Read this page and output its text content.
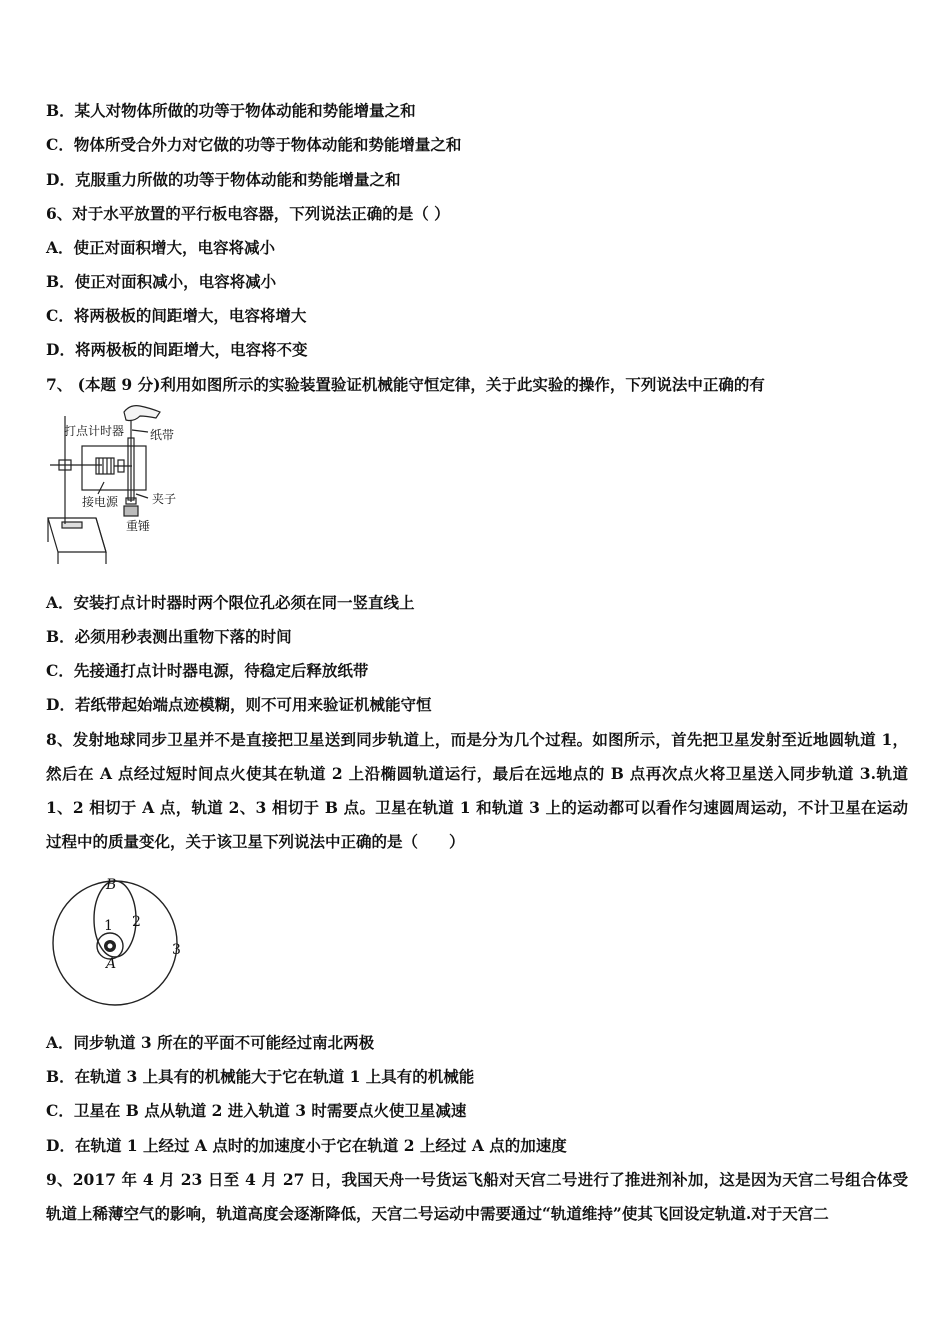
B．某人对物体所做的功等于物体动能和势能增量之和
C．物体所受合外力对它做的功等于物体动能和势能增量之和
D．克服重力所做的功等于物体动能和势能增量之和
6、对于水平放置的平行板电容器，下列说法正确的是（ ）
A．使正对面积增大，电容将减小
B．使正对面积减小，电容将减小
C．将两极板的间距增大，电容将增大
D．将两极板的间距增大，电容将不变
7、 (本题 9 分)利用如图所示的实验装置验证机械能守恒定律，关于此实验的操作，下列说法中正确的有
打点计时器 纸带
接电源	夹子
重锤
A．安装打点计时器时两个限位孔必须在同一竖直线上
B．必须用秒表测出重物下落的时间
C．先接通打点计时器电源，待稳定后释放纸带
D．若纸带起始端点迹模糊，则不可用来验证机械能守恒
8、发射地球同步卫星并不是直接把卫星送到同步轨道上，而是分为几个过程。如图所示，首先把卫星发射至近地圆轨道 1，然后在 A 点经过短时间点火使其在轨道 2 上沿椭圆轨道运行，最后在远地点的 B 点再次点火将卫星送入同步轨道 3.轨道 1、2 相切于 A 点，轨道 2、3 相切于 B 点。卫星在轨道 1 和轨道 3 上的运动都可以看作匀速圆周运动，不计卫星在运动过程中的质量变化，关于该卫星下列说法中正确的是（　　）
B
A
1 2
3
A．同步轨道 3 所在的平面不可能经过南北两极
B．在轨道 3 上具有的机械能大于它在轨道 1 上具有的机械能
C．卫星在 B 点从轨道 2 进入轨道 3 时需要点火使卫星减速
D．在轨道 1 上经过 A 点时的加速度小于它在轨道 2 上经过 A 点的加速度
9、2017 年 4 月 23 日至 4 月 27 日，我国天舟一号货运飞船对天宫二号进行了推进剂补加，这是因为天宫二号组合体受轨道上稀薄空气的影响，轨道高度会逐渐降低，天宫二号运动中需要通过“轨道维持”使其飞回设定轨道.对于天宫二
